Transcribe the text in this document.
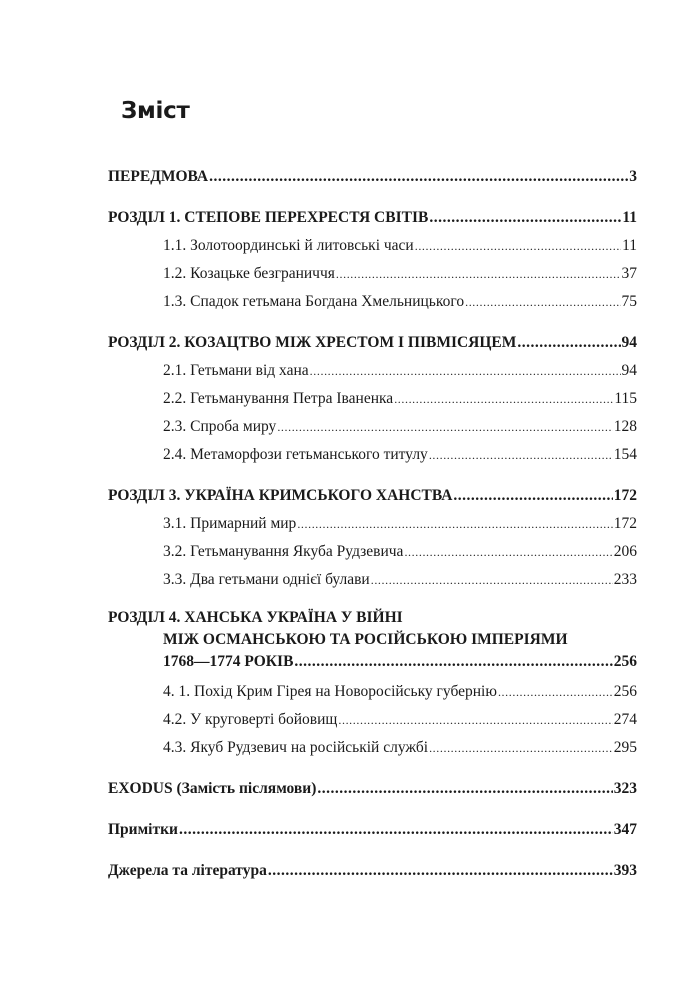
Зміст
ПЕРЕДМОВА .....	3
РОЗДІЛ 1. СТЕПОВЕ ПЕРЕХРЕСТЯ СВІТІВ .....	11
1.1. Золотоординські й литовські часи .....	11
1.2. Козацьке безграниччя .....	37
1.3. Спадок гетьмана Богдана Хмельницького .....	75
РОЗДІЛ 2. КОЗАЦТВО МІЖ ХРЕСТОМ І ПІВМІСЯЦЕМ .....	94
2.1. Гетьмани від хана .....	94
2.2. Гетьманування Петра Іваненка .....	115
2.3. Спроба миру .....	128
2.4. Метаморфози гетьманського титулу .....	154
РОЗДІЛ 3. УКРАЇНА КРИМСЬКОГО ХАНСТВА .....	172
3.1. Примарний мир .....	172
3.2. Гетьманування Якуба Рудзевича .....	206
3.3. Два гетьмани однієї булави .....	233
РОЗДІЛ 4. ХАНСЬКА УКРАЇНА У ВІЙНІ
МІЖ ОСМАНСЬКОЮ ТА РОСІЙСЬКОЮ ІМПЕРІЯМИ
1768—1774 РОКІВ .....	256
4. 1. Похід Крим Гірея на Новоросійську губернію .....	256
4.2. У круговерті бойовищ .....	274
4.3. Якуб Рудзевич на російській службі .....	295
EXODUS (Замість післямови) .....	323
Примітки .....	347
Джерела та література .....	393
